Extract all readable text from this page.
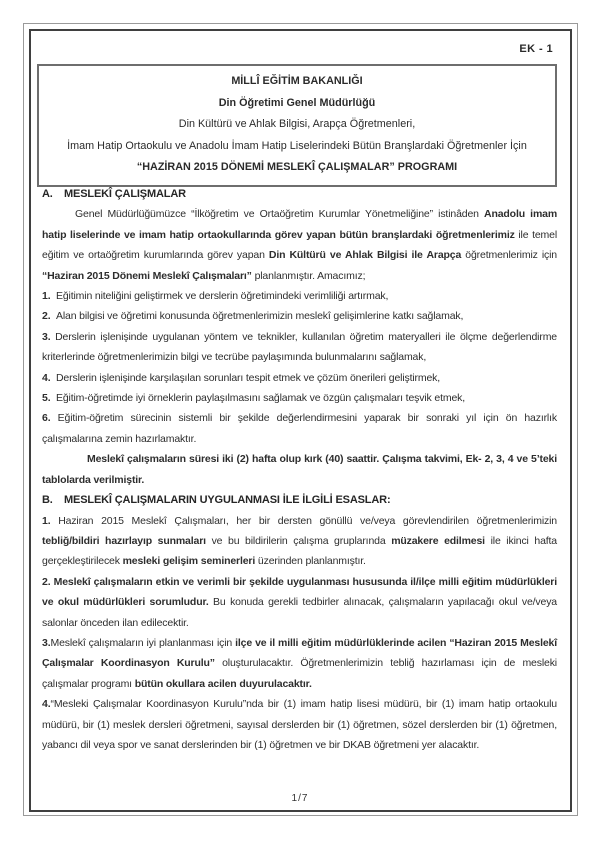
EK - 1
MİLLÎ EĞİTİM BAKANLIĞI
Din Öğretimi Genel Müdürlüğü
Din Kültürü ve Ahlak Bilgisi, Arapça Öğretmenleri,
İmam Hatip Ortaokulu ve Anadolu İmam Hatip Liselerindeki Bütün Branşlardaki Öğretmenler İçin
“HAZİRAN 2015 DÖNEMİ MESLEKÎ ÇALIŞMALAR” PROGRAMI
A. MESLEKÎ ÇALIŞMALAR

Genel Müdürlüğümüzce “İlköğretim ve Ortaöğretim Kurumlar Yönetmeliğine” istinâden Anadolu imam hatip liselerinde ve imam hatip ortaokullarında görev yapan bütün branşlardaki öğretmenlerimiz ile temel eğitim ve ortaöğretim kurumlarında görev yapan Din Kültürü ve Ahlak Bilgisi ile Arapça öğretmenlerimiz için “Haziran 2015 Dönemi Meslekî Çalışmaları” planlanmıştır. Amacımız;

1.  Eğitimin niteliğini geliştirmek ve derslerin öğretimindeki verimliliği artırmak,

2.  Alan bilgisi ve öğretimi konusunda öğretmenlerimizin meslekî gelişimlerine katkı sağlamak,

3. Derslerin işlenişinde uygulanan yöntem ve teknikler, kullanılan öğretim materyalleri ile ölçme değerlendirme kriterlerinde öğretmenlerimizin bilgi ve tecrübe paylaşımında bulunmalarını sağlamak,

4.  Derslerin işlenişinde karşılaşılan sorunları tespit etmek ve çözüm önerileri geliştirmek,

5.  Eğitim-öğretimde iyi örneklerin paylaşılmasını sağlamak ve özgün çalışmaları teşvik etmek,

6. Eğitim-öğretim sürecinin sistemli bir şekilde değerlendirmesini yaparak bir sonraki yıl için ön hazırlık çalışmalarına zemin hazırlamaktır.

Meslekî çalışmaların süresi iki (2) hafta olup kırk (40) saattir. Çalışma takvimi, Ek- 2, 3, 4 ve 5’teki tablolarda verilmiştir.

B. MESLEKÎ ÇALIŞMALARIN UYGULANMASI İLE İLGİLİ ESASLAR:

1. Haziran 2015 Meslekî Çalışmaları, her bir dersten gönüllü ve/veya görevlendirilen öğretmenlerimizin tebliğ/bildiri hazırlayıp sunmaları ve bu bildirilerin çalışma gruplarında müzakere edilmesi ile ikinci hafta gerçekleştirilecek mesleki gelişim seminerleri üzerinden planlanmıştır.

2. Meslekî çalışmaların etkin ve verimli bir şekilde uygulanması hususunda il/ilçe milli eğitim müdürlükleri ve okul müdürlükleri sorumludur. Bu konuda gerekli tedbirler alınacak, çalışmaların yapılacağı okul ve/veya salonlar önceden ilan edilecektir.

3.Meslekî çalışmaların iyi planlanması için ilçe ve il milli eğitim müdürlüklerinde acilen “Haziran 2015 Meslekî Çalışmalar Koordinasyon Kurulu” oluşturulacaktır. Öğretmenlerimizin tebliğ hazırlaması için de mesleki çalışmalar programı bütün okullara acilen duyurulacaktır.

4.“Mesleki Çalışmalar Koordinasyon Kurulu”nda bir (1) imam hatip lisesi müdürü, bir (1) imam hatip ortaokulu müdürü, bir (1) meslek dersleri öğretmeni, sayısal derslerden bir (1) öğretmen, sözel derslerden bir (1) öğretmen, yabancı dil veya spor ve sanat derslerinden bir (1) öğretmen ve bir DKAB öğretmeni yer alacaktır.

1/7
